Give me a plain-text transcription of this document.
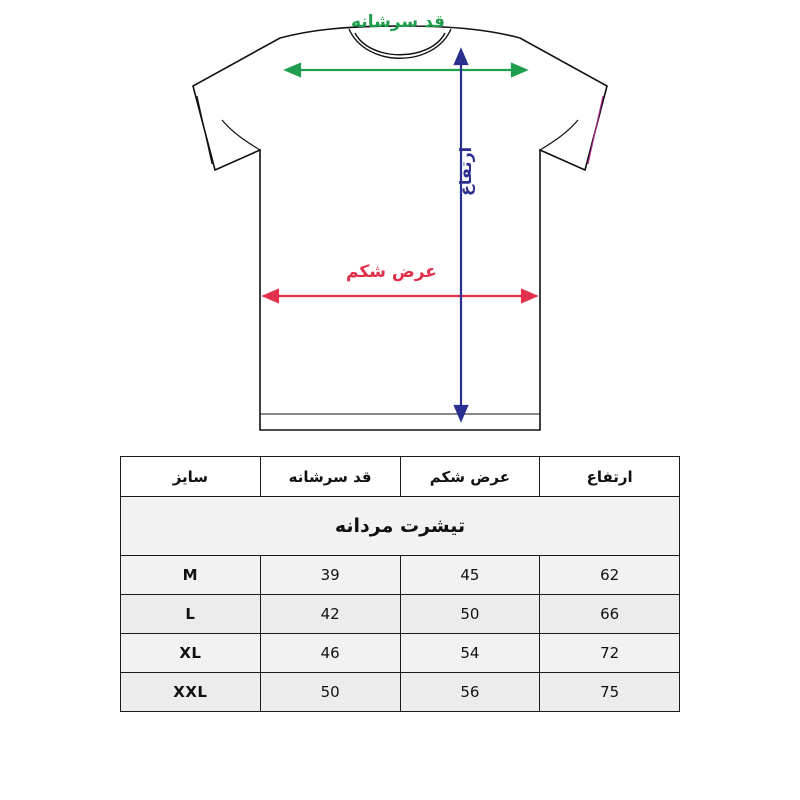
قد سرشانه
عرض شکم
ارتفاع
تیشرت مردانه			
ارتفاع	عرض شکم	قد سرشانه	سایز
62	45	39	M
66	50	42	L
72	54	46	XL
75	56	50	XXL
